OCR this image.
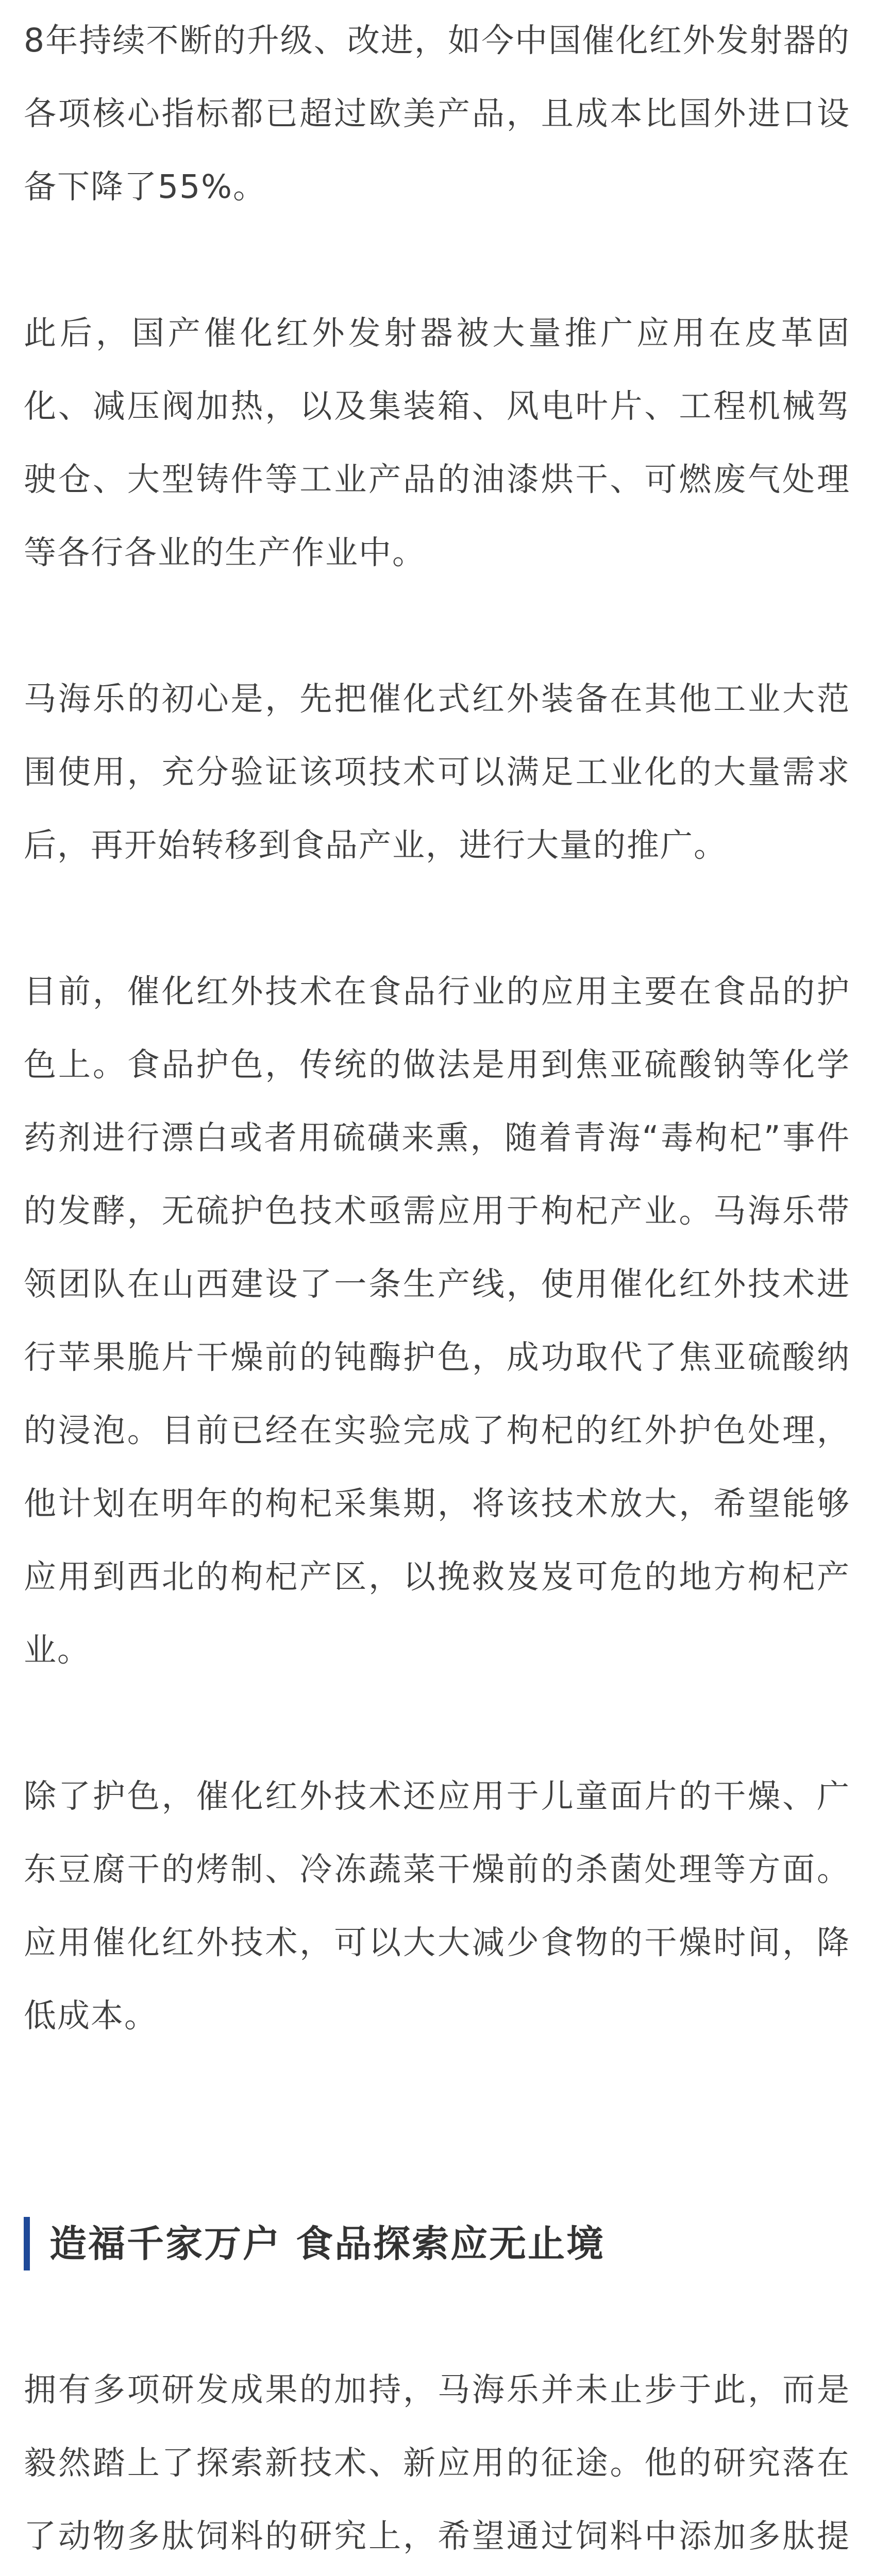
8年持续不断的升级、改进，如今中国催化红外发射器的各项核心指标都已超过欧美产品，且成本比国外进口设备下降了55%。

此后，国产催化红外发射器被大量推广应用在皮革固化、减压阀加热，以及集装箱、风电叶片、工程机械驾驶仓、大型铸件等工业产品的油漆烘干、可燃废气处理等各行各业的生产作业中。

马海乐的初心是，先把催化式红外装备在其他工业大范围使用，充分验证该项技术可以满足工业化的大量需求后，再开始转移到食品产业，进行大量的推广。

目前，催化红外技术在食品行业的应用主要在食品的护色上。食品护色，传统的做法是用到焦亚硫酸钠等化学药剂进行漂白或者用硫磺来熏，随着青海“毒枸杞”事件的发酵，无硫护色技术亟需应用于枸杞产业。马海乐带领团队在山西建设了一条生产线，使用催化红外技术进行苹果脆片干燥前的钝酶护色，成功取代了焦亚硫酸纳的浸泡。目前已经在实验完成了枸杞的红外护色处理，他计划在明年的枸杞采集期，将该技术放大，希望能够应用到西北的枸杞产区，以挽救岌岌可危的地方枸杞产业。

除了护色，催化红外技术还应用于儿童面片的干燥、广东豆腐干的烤制、冷冻蔬菜干燥前的杀菌处理等方面。应用催化红外技术，可以大大减少食物的干燥时间，降低成本。

造福千家万户 食品探索应无止境

拥有多项研发成果的加持，马海乐并未止步于此，而是毅然踏上了探索新技术、新应用的征途。他的研究落在了动物多肽饲料的研究上，希望通过饲料中添加多肽提
